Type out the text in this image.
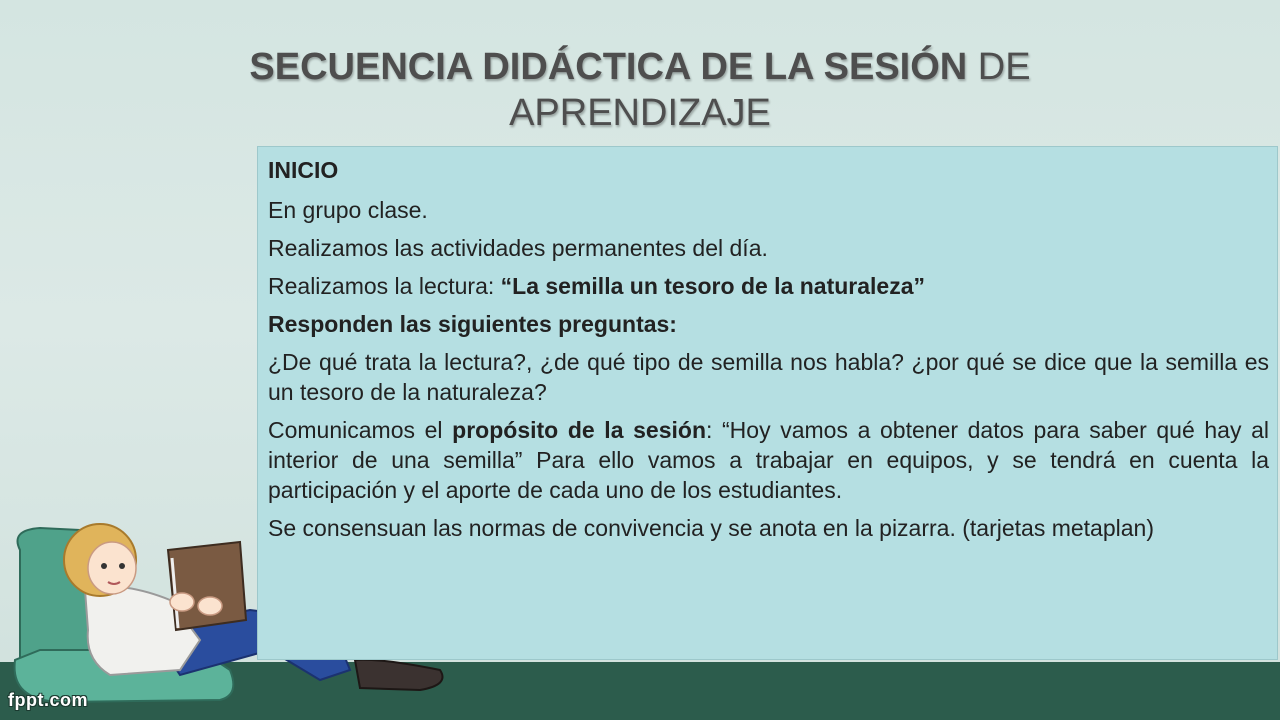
SECUENCIA DIDÁCTICA DE LA SESIÓN DE
APRENDIZAJE

INICIO

En grupo clase.

Realizamos las actividades permanentes del día.

Realizamos la lectura: “La semilla un tesoro de la naturaleza”

Responden las siguientes preguntas:

¿De qué trata la lectura?, ¿de qué tipo de semilla nos habla? ¿por qué se dice que la semilla es un tesoro de la naturaleza?

Comunicamos el propósito de la sesión: “Hoy vamos a obtener datos para saber qué hay al interior de una semilla” Para ello vamos a trabajar en equipos, y se tendrá en cuenta la participación y el aporte de cada uno de los estudiantes.

Se consensuan las normas de convivencia y se anota en la pizarra. (tarjetas metaplan)

fppt.com
